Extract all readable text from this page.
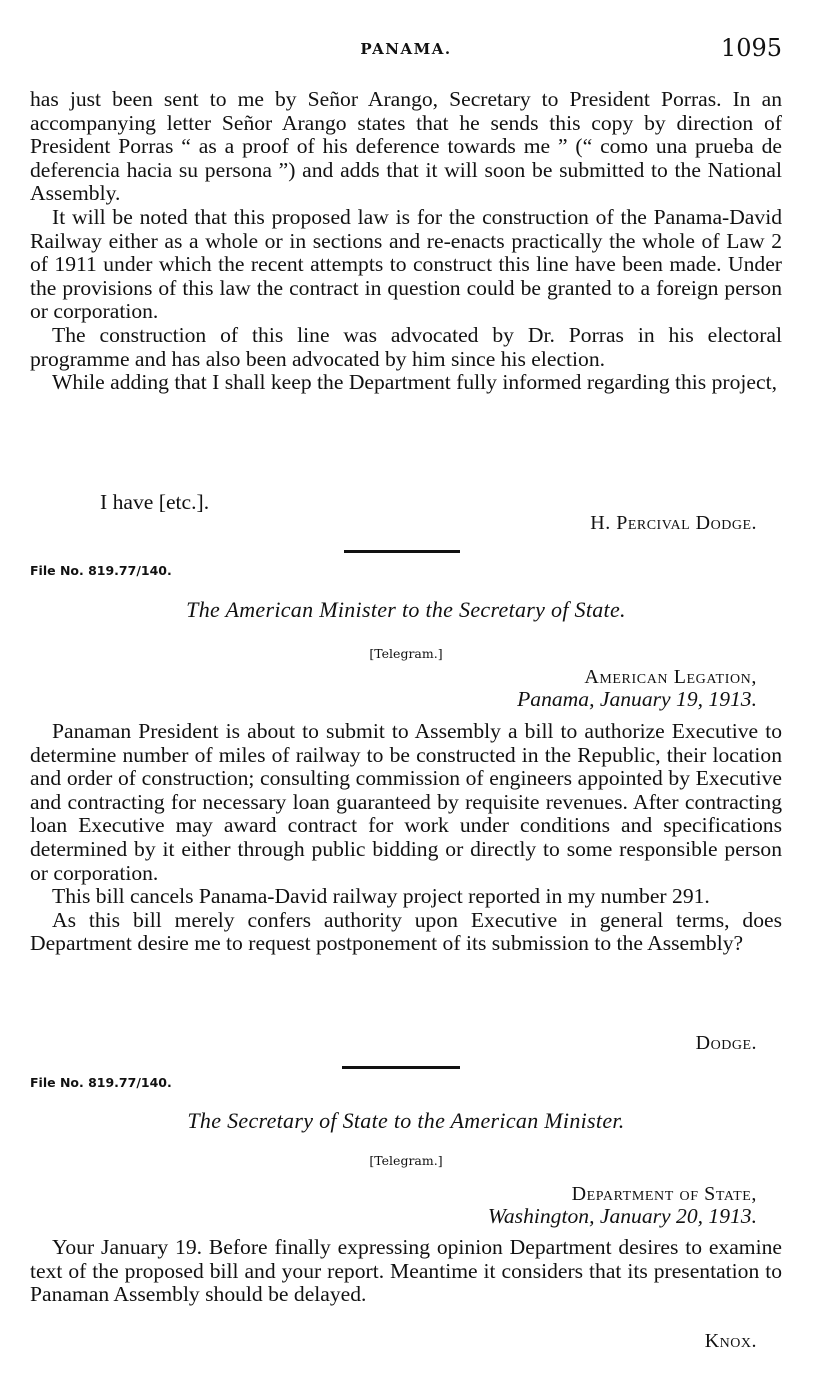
PANAMA.	1095

has just been sent to me by Señor Arango, Secretary to President Porras. In an accompanying letter Señor Arango states that he sends this copy by direction of President Porras “ as a proof of his deference towards me ” (“ como una prueba de deferencia hacia su persona ”) and adds that it will soon be submitted to the National Assembly.

It will be noted that this proposed law is for the construction of the Panama-David Railway either as a whole or in sections and re-enacts practically the whole of Law 2 of 1911 under which the recent attempts to construct this line have been made. Under the provisions of this law the contract in question could be granted to a foreign person or corporation.

The construction of this line was advocated by Dr. Porras in his electoral programme and has also been advocated by him since his election.

While adding that I shall keep the Department fully informed regarding this project,

I have [etc.].
H. Percival Dodge.
File No. 819.77/140.
The American Minister to the Secretary of State.
[Telegram.]
American Legation,
Panama, January 19, 1913.

Panaman President is about to submit to Assembly a bill to authorize Executive to determine number of miles of railway to be constructed in the Republic, their location and order of construction; consulting commission of engineers appointed by Executive and contracting for necessary loan guaranteed by requisite revenues. After contracting loan Executive may award contract for work under conditions and specifications determined by it either through public bidding or directly to some responsible person or corporation.

This bill cancels Panama-David railway project reported in my number 291.

As this bill merely confers authority upon Executive in general terms, does Department desire me to request postponement of its submission to the Assembly?

Dodge.
File No. 819.77/140.
The Secretary of State to the American Minister.
[Telegram.]
Department of State,
Washington, January 20, 1913.

Your January 19. Before finally expressing opinion Department desires to examine text of the proposed bill and your report. Meantime it considers that its presentation to Panaman Assembly should be delayed.

Knox.
